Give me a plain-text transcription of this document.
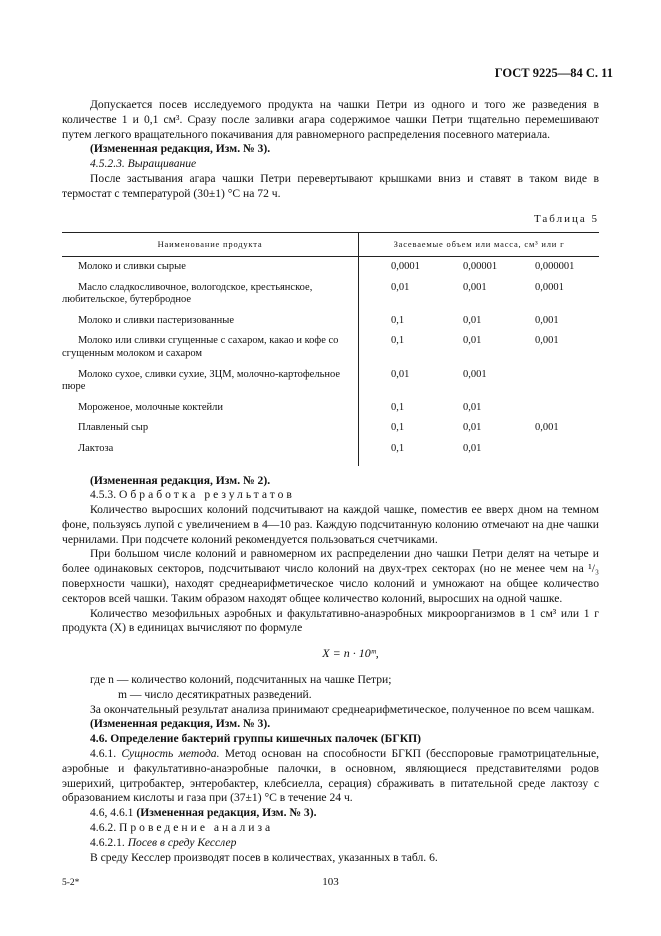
ГОСТ 9225—84 С. 11

Допускается посев исследуемого продукта на чашки Петри из одного и того же разведения в количестве 1 и 0,1 см³. Сразу после заливки агара содержимое чашки Петри тщательно перемешивают путем легкого вращательного покачивания для равномерного распределения посевного материала.

(Измененная редакция, Изм. № 3).

4.5.2.3. Выращивание

После застывания агара чашки Петри перевертывают крышками вниз и ставят в таком виде в термостат с температурой (30±1) °С на 72 ч.

Таблица 5
Наименование продукта	Засеваемые объем или масса, см³ или г		
Молоко и сливки сырые	0,0001	0,00001	0,000001
Масло сладкосливочное, вологодское, крестьянское, любительское, бутербродное	0,01	0,001	0,0001
Молоко и сливки пастеризованные	0,1	0,01	0,001
Молоко или сливки сгущенные с сахаром, какао и кофе со сгущенным молоком и сахаром	0,1	0,01	0,001
Молоко сухое, сливки сухие, ЗЦМ, молочно-картофельное пюре	0,01	0,001	
Мороженое, молочные коктейли	0,1	0,01	
Плавленый сыр	0,1	0,01	0,001
Лактоза	0,1	0,01	

(Измененная редакция, Изм. № 2).

4.5.3. Обработка результатов

Количество выросших колоний подсчитывают на каждой чашке, поместив ее вверх дном на темном фоне, пользуясь лупой с увеличением в 4—10 раз. Каждую подсчитанную колонию отмечают на дне чашки чернилами. При подсчете колоний рекомендуется пользоваться счетчиками.

При большом числе колоний и равномерном их распределении дно чашки Петри делят на четыре и более одинаковых секторов, подсчитывают число колоний на двух-трех секторах (но не менее чем на ¹/₃ поверхности чашки), находят среднеарифметическое число колоний и умножают на общее количество секторов всей чашки. Таким образом находят общее количество колоний, выросших на одной чашке.

Количество мезофильных аэробных и факультативно-анаэробных микроорганизмов в 1 см³ или 1 г продукта (X) в единицах вычисляют по формуле

X = n · 10ᵐ,

где n — количество колоний, подсчитанных на чашке Петри;

m — число десятикратных разведений.

За окончательный результат анализа принимают среднеарифметическое, полученное по всем чашкам.

(Измененная редакция, Изм. № 3).

4.6. Определение бактерий группы кишечных палочек (БГКП)

4.6.1. Сущность метода. Метод основан на способности БГКП (бесспоровые грамотрицательные, аэробные и факультативно-анаэробные палочки, в основном, являющиеся представителями родов эшерихий, цитробактер, энтеробактер, клебсиелла, серация) сбраживать в питательной среде лактозу с образованием кислоты и газа при (37±1) °С в течение 24 ч.

4.6, 4.6.1 (Измененная редакция, Изм. № 3).

4.6.2. Проведение анализа

4.6.2.1. Посев в среду Кесслер

В среду Кесслер производят посев в количествах, указанных в табл. 6.

5-2*	103
